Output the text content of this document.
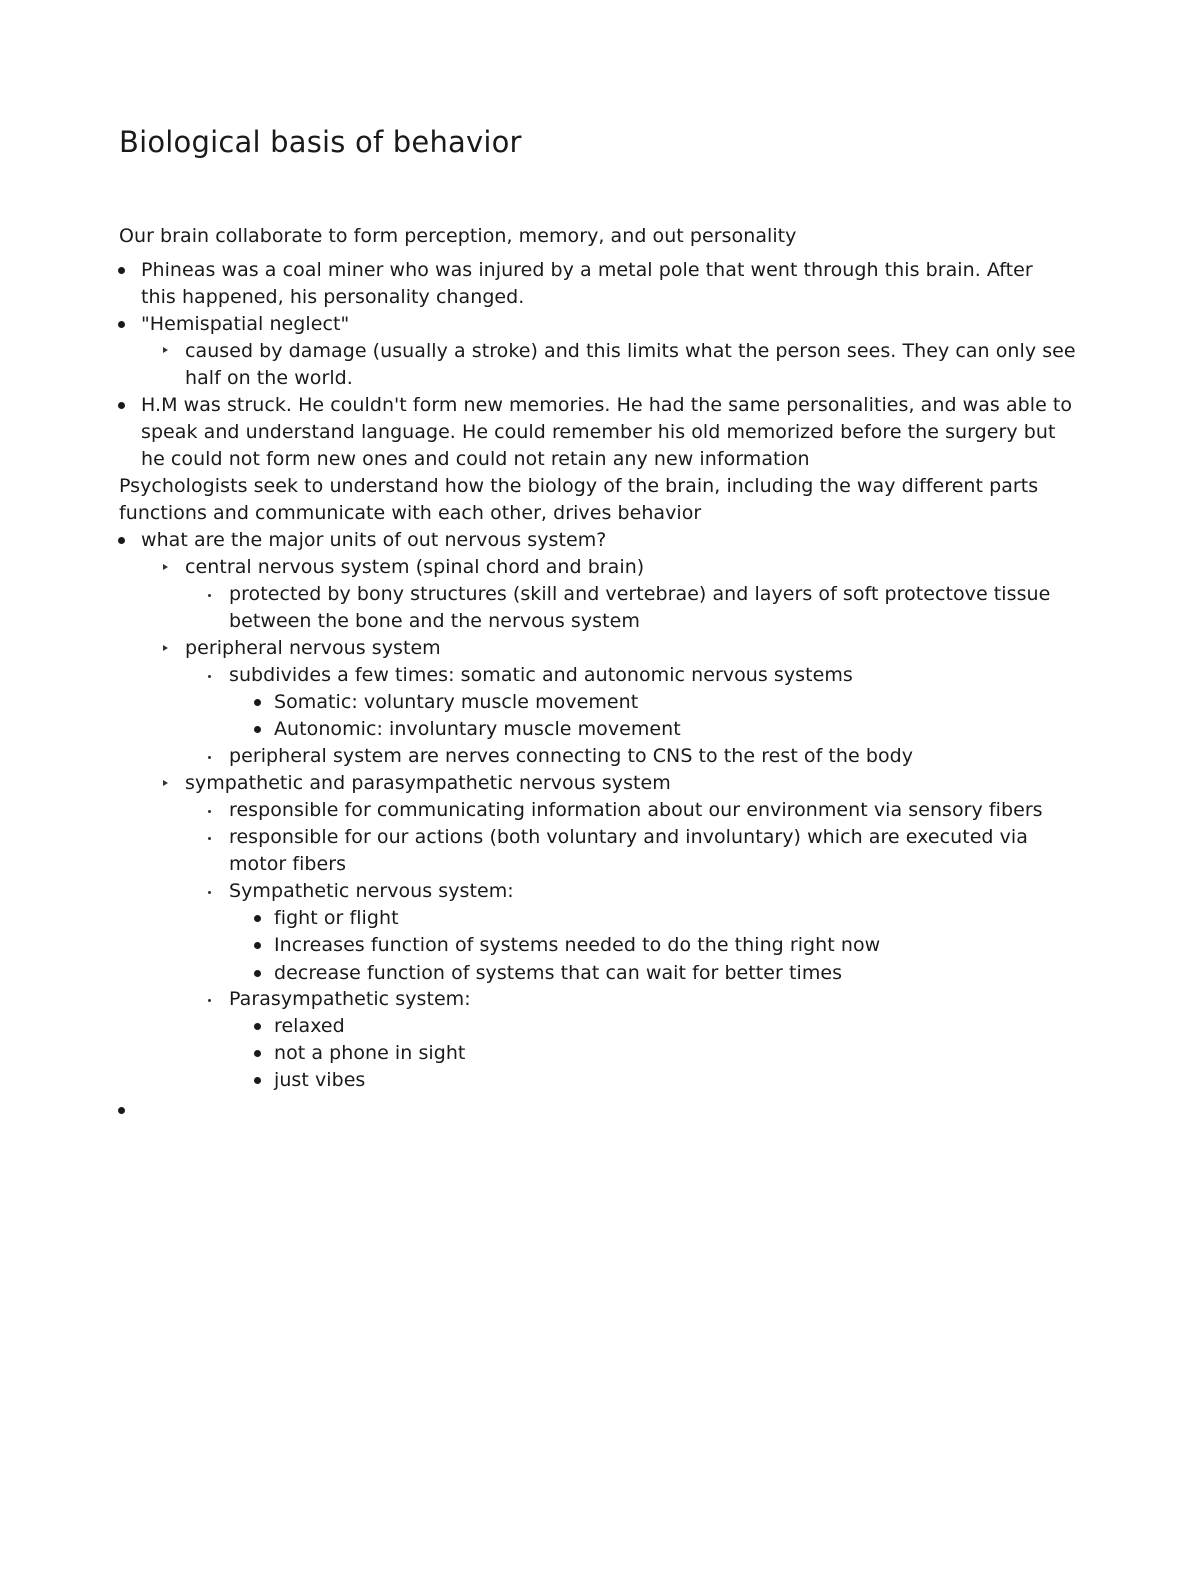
Biological basis of behavior
Our brain collaborate to form perception, memory, and out personality
Phineas was a coal miner who was injured by a metal pole that went through this brain. After
this happened, his personality changed.
"Hemispatial neglect"
caused by damage (usually a stroke) and this limits what the person sees. They can only see
half on the world.
H.M was struck. He couldn't form new memories. He had the same personalities, and was able to
speak and understand language. He could remember his old memorized before the surgery but
he could not form new ones and could not retain any new information
Psychologists seek to understand how the biology of the brain, including the way different parts
functions and communicate with each other, drives behavior
what are the major units of out nervous system?
central nervous system (spinal chord and brain)
protected by bony structures (skill and vertebrae) and layers of soft protectove tissue
between the bone and the nervous system
peripheral nervous system
subdivides a few times: somatic and autonomic nervous systems
Somatic: voluntary muscle movement
Autonomic: involuntary muscle movement
peripheral system are nerves connecting to CNS to the rest of the body
sympathetic and parasympathetic nervous system
responsible for communicating information about our environment via sensory fibers
responsible for our actions (both voluntary and involuntary) which are executed via
motor fibers
Sympathetic nervous system:
fight or flight
Increases function of systems needed to do the thing right now
decrease function of systems that can wait for better times
Parasympathetic system:
relaxed
not a phone in sight
just vibes
